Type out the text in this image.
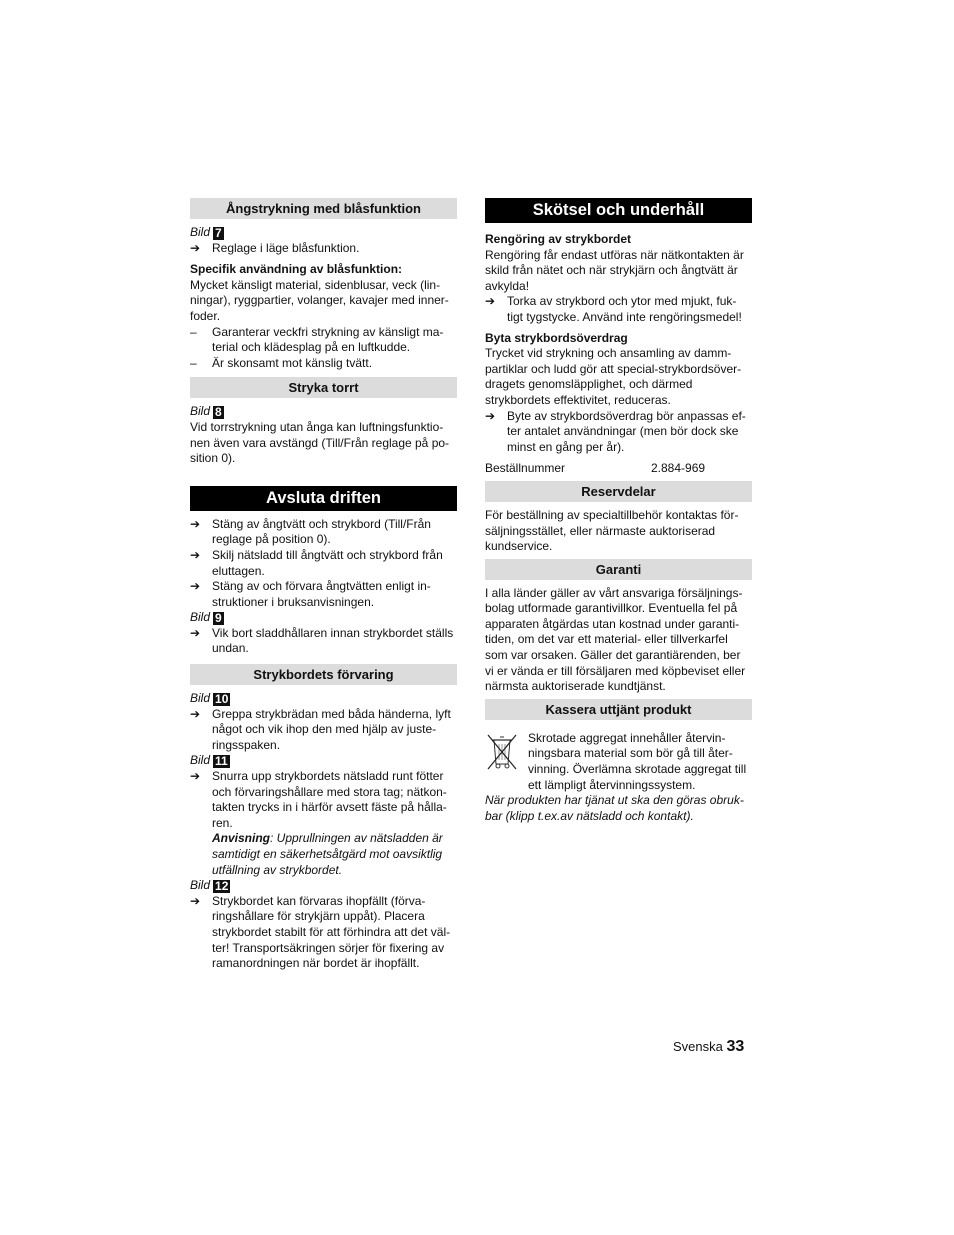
Ångstrykning med blåsfunktion

Bild 7

➔ Reglage i läge blåsfunktion.

Specifik användning av blåsfunktion:

Mycket känsligt material, sidenblusar, veck (lin-ningar), ryggpartier, volanger, kavajer med inner-foder.

–	Garanterar veckfri strykning av känsligt ma-terial och klädesplag på en luftkudde.
–	Är skonsamt mot känslig tvätt.
Stryka torrt

Bild 8

Vid torrstrykning utan ånga kan luftningsfunktio-nen även vara avstängd (Till/Från reglage på po-sition 0).

Avsluta driften
➔ Stäng av ångtvätt och strykbord (Till/Från reglage på position 0).
➔ Skilj nätsladd till ångtvätt och strykbord från eluttagen.
➔ Stäng av och förvara ångtvätten enligt in-struktioner i bruksanvisningen.

Bild 9

➔ Vik bort sladdhållaren innan strykbordet ställs undan.
Strykbordets förvaring

Bild 10

➔ Greppa strykbrädan med båda händerna, lyft något och vik ihop den med hjälp av juste-ringsspaken.

Bild 11

➔ Snurra upp strykbordets nätsladd runt fötter och förvaringshållare med stora tag; nätkon-takten trycks in i härför avsett fäste på hålla-ren.
Anvisning: Upprullningen av nätsladden är samtidigt en säkerhetsåtgärd mot oavsiktlig utfällning av strykbordet.

Bild 12

➔ Strykbordet kan förvaras ihopfällt (förva-ringshållare för strykjärn uppåt). Placera strykbordet stabilt för att förhindra att det väl-ter! Transportsäkringen sörjer för fixering av ramanordningen när bordet är ihopfällt.
Skötsel och underhåll

Rengöring av strykbordet

Rengöring får endast utföras när nätkontakten är skild från nätet och när strykjärn och ångtvätt är avkylda!

➔ Torka av strykbord och ytor med mjukt, fuk-tigt tygstycke. Använd inte rengöringsmedel!

Byta strykbordsöverdrag

Trycket vid strykning och ansamling av damm-partiklar och ludd gör att special-strykbordsöver-dragets genomsläpplighet, och därmed strykbordets effektivitet, reduceras.

➔ Byte av strykbordsöverdrag bör anpassas ef-ter antalet användningar (men bör dock ske minst en gång per år).
Beställnummer	2.884-969
Reservdelar

För beställning av specialtillbehör kontaktas för-säljningsstället, eller närmaste auktoriserad kundservice.

Garanti

I alla länder gäller av vårt ansvariga försäljnings-bolag utformade garantivillkor. Eventuella fel på apparaten åtgärdas utan kostnad under garanti-tiden, om det var ett material- eller tillverkarfel som var orsaken. Gäller det garantiärenden, ber vi er vända er till försäljaren med köpbeviset eller närmsta auktoriserade kundtjänst.

Kassera uttjänt produkt
Skrotade aggregat innehåller återvin-ningsbara material som bör gå till åter-vinning. Överlämna skrotade aggregat till ett lämpligt återvinningssystem.

När produkten har tjänat ut ska den göras obruk-bar (klipp t.ex.av nätsladd och kontakt).

Svenska 33
